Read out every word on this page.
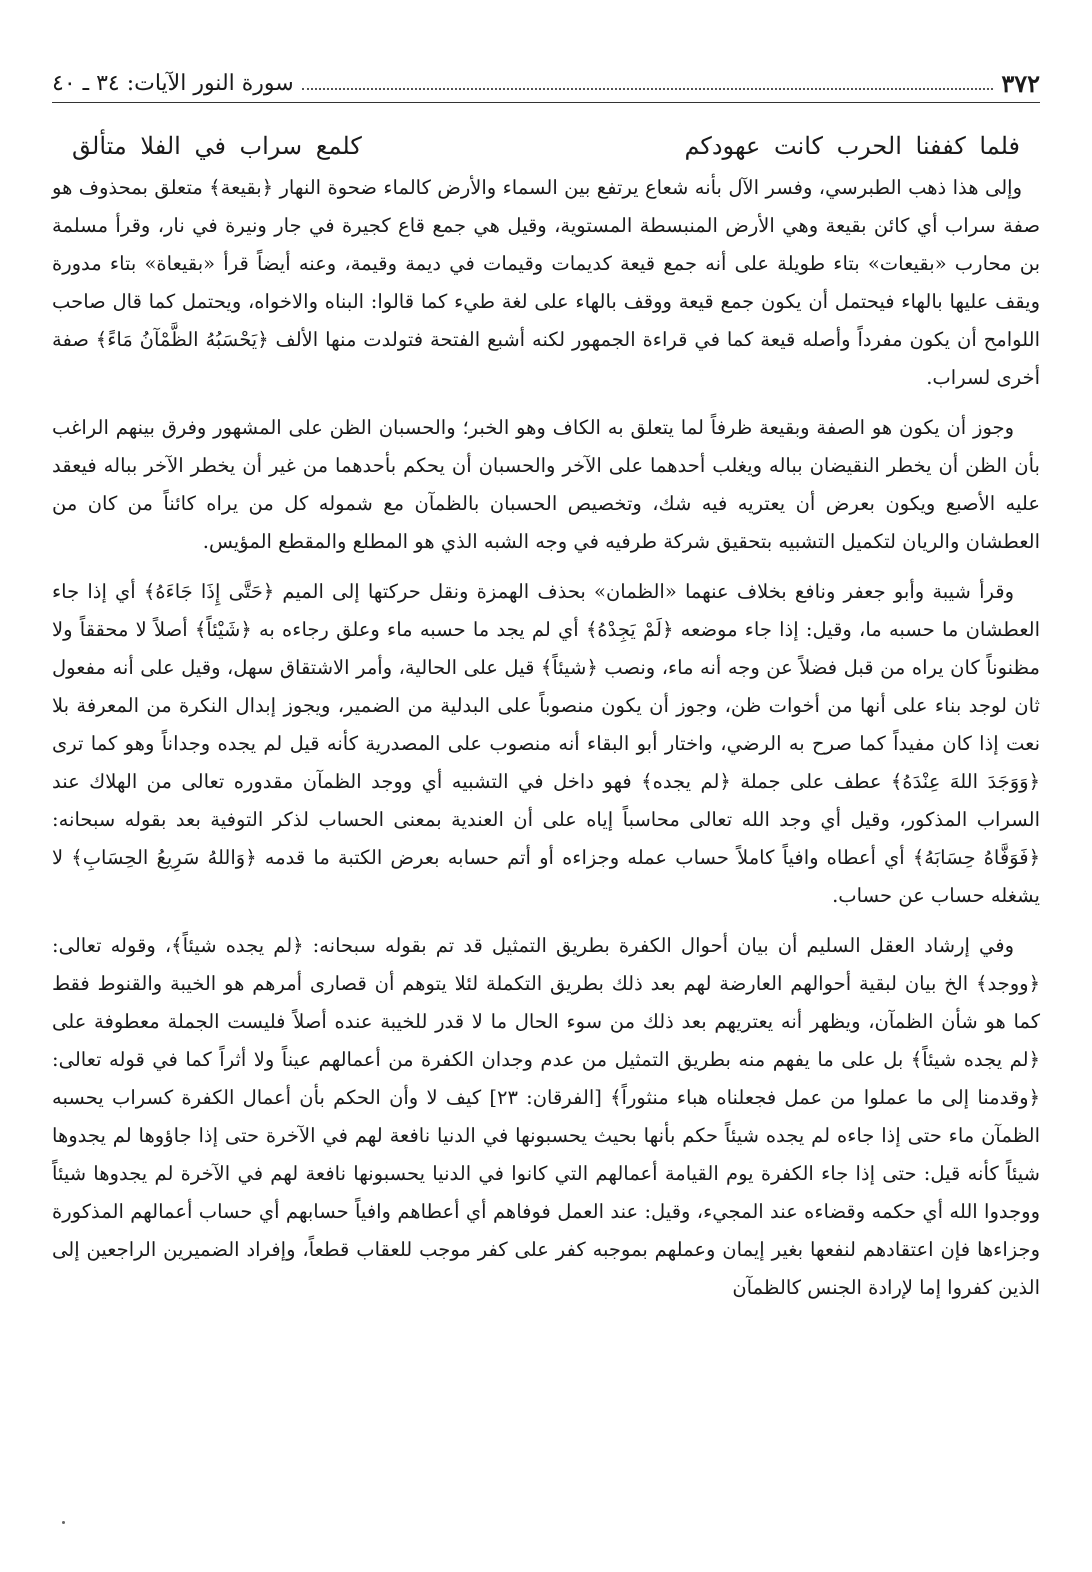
٣٧٢
سورة النور الآيات: ٣٤ ـ ٤٠
فلما كففنا الحرب كانت عهودكم
كلمع سراب في الفلا متألق

وإلى هذا ذهب الطبرسي، وفسر الآل بأنه شعاع يرتفع بين السماء والأرض كالماء ضحوة النهار ﴿بقيعة﴾ متعلق بمحذوف هو صفة سراب أي كائن بقيعة وهي الأرض المنبسطة المستوية، وقيل هي جمع قاع كجيرة في جار ونيرة في نار، وقرأ مسلمة بن محارب «بقيعات» بتاء طويلة على أنه جمع قيعة كديمات وقيمات في ديمة وقيمة، وعنه أيضاً قرأ «بقيعاة» بتاء مدورة ويقف عليها بالهاء فيحتمل أن يكون جمع قيعة ووقف بالهاء على لغة طيء كما قالوا: البناه والاخواه، ويحتمل كما قال صاحب اللوامح أن يكون مفرداً وأصله قيعة كما في قراءة الجمهور لكنه أشبع الفتحة فتولدت منها الألف ﴿يَحْسَبُهُ الظَّمْآنُ مَاءً﴾ صفة أخرى لسراب.

وجوز أن يكون هو الصفة وبقيعة ظرفاً لما يتعلق به الكاف وهو الخبر؛ والحسبان الظن على المشهور وفرق بينهم الراغب بأن الظن أن يخطر النقيضان بباله ويغلب أحدهما على الآخر والحسبان أن يحكم بأحدهما من غير أن يخطر الآخر بباله فيعقد عليه الأصبع ويكون بعرض أن يعتريه فيه شك، وتخصيص الحسبان بالظمآن مع شموله كل من يراه كائناً من كان من العطشان والريان لتكميل التشبيه بتحقيق شركة طرفيه في وجه الشبه الذي هو المطلع والمقطع المؤيس.

وقرأ شيبة وأبو جعفر ونافع بخلاف عنهما «الظمان» بحذف الهمزة ونقل حركتها إلى الميم ﴿حَتَّى إِذَا جَاءَهُ﴾ أي إذا جاء العطشان ما حسبه ما، وقيل: إذا جاء موضعه ﴿لَمْ يَجِدْهُ﴾ أي لم يجد ما حسبه ماء وعلق رجاءه به ﴿شَيْئاً﴾ أصلاً لا محققاً ولا مظنوناً كان يراه من قبل فضلاً عن وجه أنه ماء، ونصب ﴿شيئاً﴾ قيل على الحالية، وأمر الاشتقاق سهل، وقيل على أنه مفعول ثان لوجد بناء على أنها من أخوات ظن، وجوز أن يكون منصوباً على البدلية من الضمير، ويجوز إبدال النكرة من المعرفة بلا نعت إذا كان مفيداً كما صرح به الرضي، واختار أبو البقاء أنه منصوب على المصدرية كأنه قيل لم يجده وجداناً وهو كما ترى ﴿وَوَجَدَ اللهَ عِنْدَهُ﴾ عطف على جملة ﴿لم يجده﴾ فهو داخل في التشبيه أي ووجد الظمآن مقدوره تعالى من الهلاك عند السراب المذكور، وقيل أي وجد الله تعالى محاسباً إياه على أن العندية بمعنى الحساب لذكر التوفية بعد بقوله سبحانه: ﴿فَوَفَّاهُ حِسَابَهُ﴾ أي أعطاه وافياً كاملاً حساب عمله وجزاءه أو أتم حسابه بعرض الكتبة ما قدمه ﴿وَاللهُ سَرِيعُ الحِسَابِ﴾ لا يشغله حساب عن حساب.

وفي إرشاد العقل السليم أن بيان أحوال الكفرة بطريق التمثيل قد تم بقوله سبحانه: ﴿لم يجده شيئاً﴾، وقوله تعالى: ﴿ووجد﴾ الخ بيان لبقية أحوالهم العارضة لهم بعد ذلك بطريق التكملة لئلا يتوهم أن قصارى أمرهم هو الخيبة والقنوط فقط كما هو شأن الظمآن، ويظهر أنه يعتريهم بعد ذلك من سوء الحال ما لا قدر للخيبة عنده أصلاً فليست الجملة معطوفة على ﴿لم يجده شيئاً﴾ بل على ما يفهم منه بطريق التمثيل من عدم وجدان الكفرة من أعمالهم عيناً ولا أثراً كما في قوله تعالى: ﴿وقدمنا إلى ما عملوا من عمل فجعلناه هباء منثوراً﴾ [الفرقان: ٢٣] كيف لا وأن الحكم بأن أعمال الكفرة كسراب يحسبه الظمآن ماء حتى إذا جاءه لم يجده شيئاً حكم بأنها بحيث يحسبونها في الدنيا نافعة لهم في الآخرة حتى إذا جاؤوها لم يجدوها شيئاً كأنه قيل: حتى إذا جاء الكفرة يوم القيامة أعمالهم التي كانوا في الدنيا يحسبونها نافعة لهم في الآخرة لم يجدوها شيئاً ووجدوا الله أي حكمه وقضاءه عند المجيء، وقيل: عند العمل فوفاهم أي أعطاهم وافياً حسابهم أي حساب أعمالهم المذكورة وجزاءها فإن اعتقادهم لنفعها بغير إيمان وعملهم بموجبه كفر على كفر موجب للعقاب قطعاً، وإفراد الضميرين الراجعين إلى الذين كفروا إما لإرادة الجنس كالظمآن
